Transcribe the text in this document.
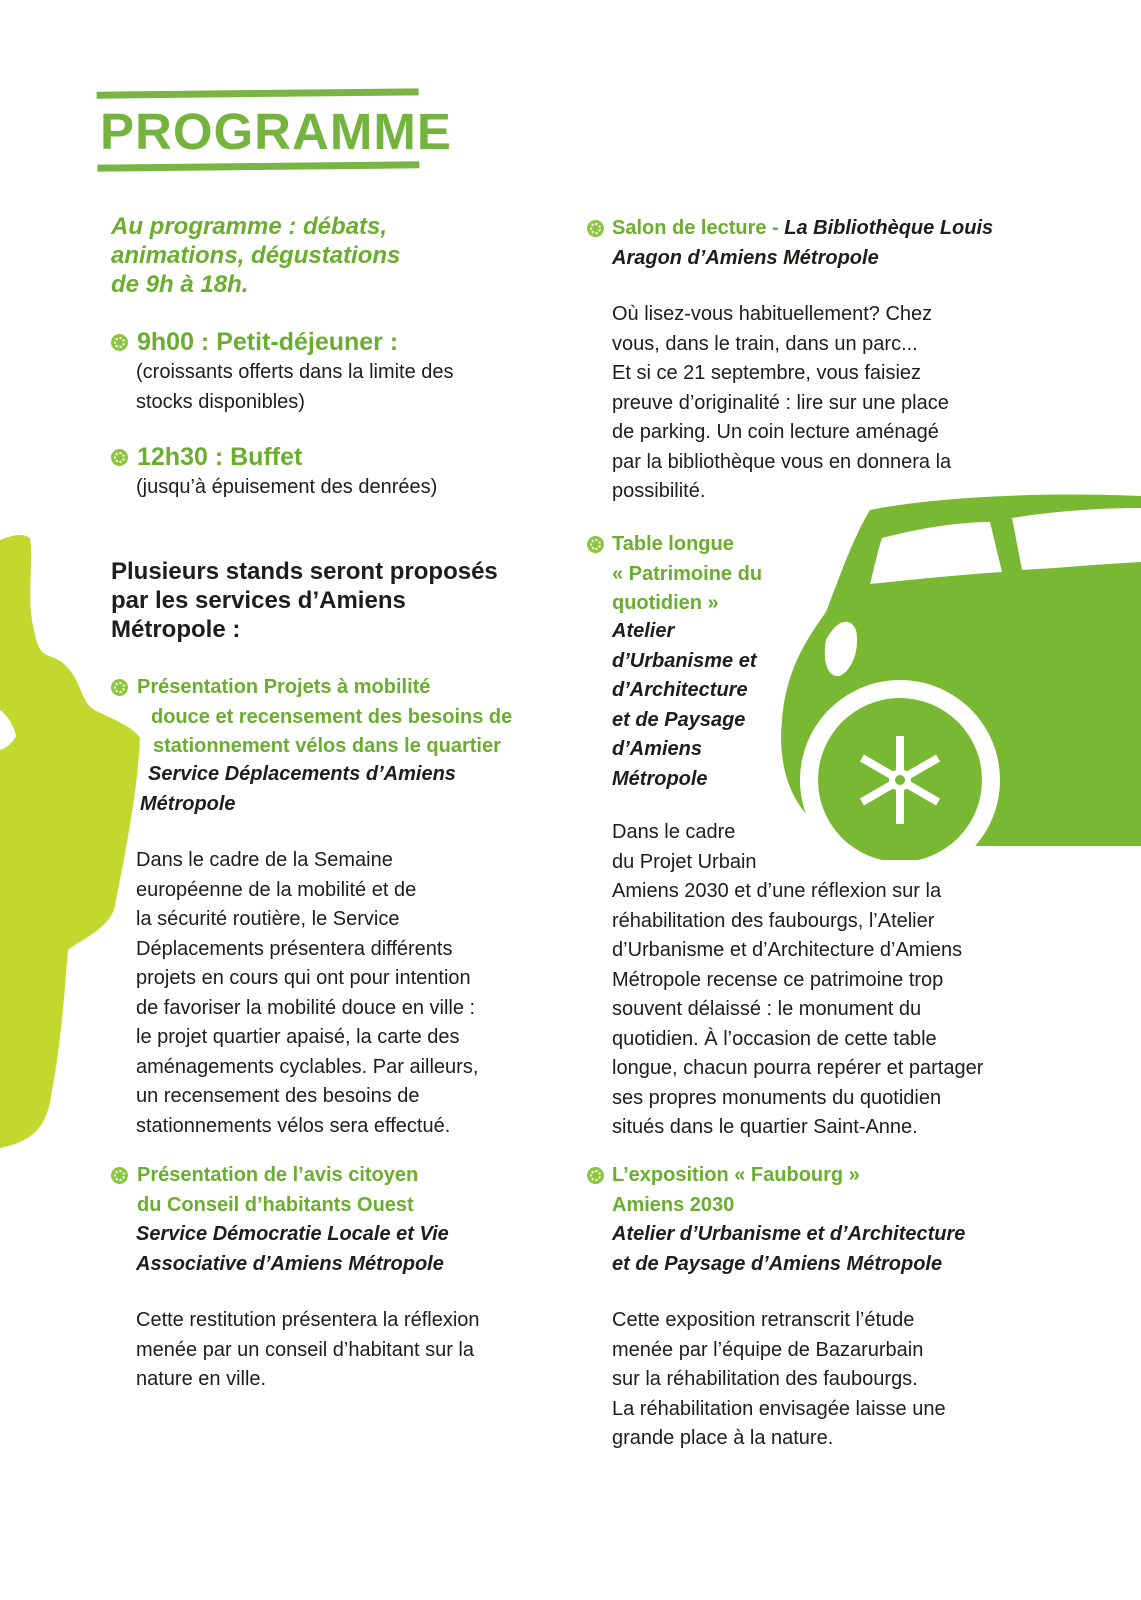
PROGRAMME
Au programme : débats,
animations, dégustations
de 9h à 18h.
9h00 : Petit-déjeuner :
(croissants offerts dans la limite des
stocks disponibles)
12h30 : Buffet
(jusqu’à épuisement des denrées)
Plusieurs stands seront proposés
par les services d’Amiens
Métropole :
Présentation Projets à mobilité
douce et recensement des besoins de
stationnement vélos dans le quartier
Service Déplacements d’Amiens
Métropole
Dans le cadre de la Semaine
européenne de la mobilité et de
la sécurité routière, le Service
Déplacements présentera différents
projets en cours qui ont pour intention
de favoriser la mobilité douce en ville :
le projet quartier apaisé, la carte des
aménagements cyclables. Par ailleurs,
un recensement des besoins de
stationnements vélos sera effectué.
Présentation de l’avis citoyen
du Conseil d’habitants Ouest
Service Démocratie Locale et Vie
Associative d’Amiens Métropole
Cette restitution présentera la réflexion
menée par un conseil d’habitant sur la
nature en ville.
Salon de lecture - La Bibliothèque Louis
Aragon d’Amiens Métropole
Où lisez-vous habituellement? Chez
vous, dans le train, dans un parc...
Et si ce 21 septembre, vous faisiez
preuve d’originalité : lire sur une place
de parking. Un coin lecture aménagé
par la bibliothèque vous en donnera la
possibilité.
Table longue
« Patrimoine du
quotidien »
Atelier
d’Urbanisme et
d’Architecture
et de Paysage
d’Amiens
Métropole
Dans le cadre
du Projet Urbain
Amiens 2030 et d’une réflexion sur la
réhabilitation des faubourgs, l’Atelier
d’Urbanisme et d’Architecture d’Amiens
Métropole recense ce patrimoine trop
souvent délaissé : le monument du
quotidien. À l’occasion de cette table
longue, chacun pourra repérer et partager
ses propres monuments du quotidien
situés dans le quartier Saint-Anne.
L’exposition « Faubourg »
Amiens 2030
Atelier d’Urbanisme et d’Architecture
et de Paysage d’Amiens Métropole
Cette exposition retranscrit l’étude
menée par l’équipe de Bazarurbain
sur la réhabilitation des faubourgs.
La réhabilitation envisagée laisse une
grande place à la nature.
